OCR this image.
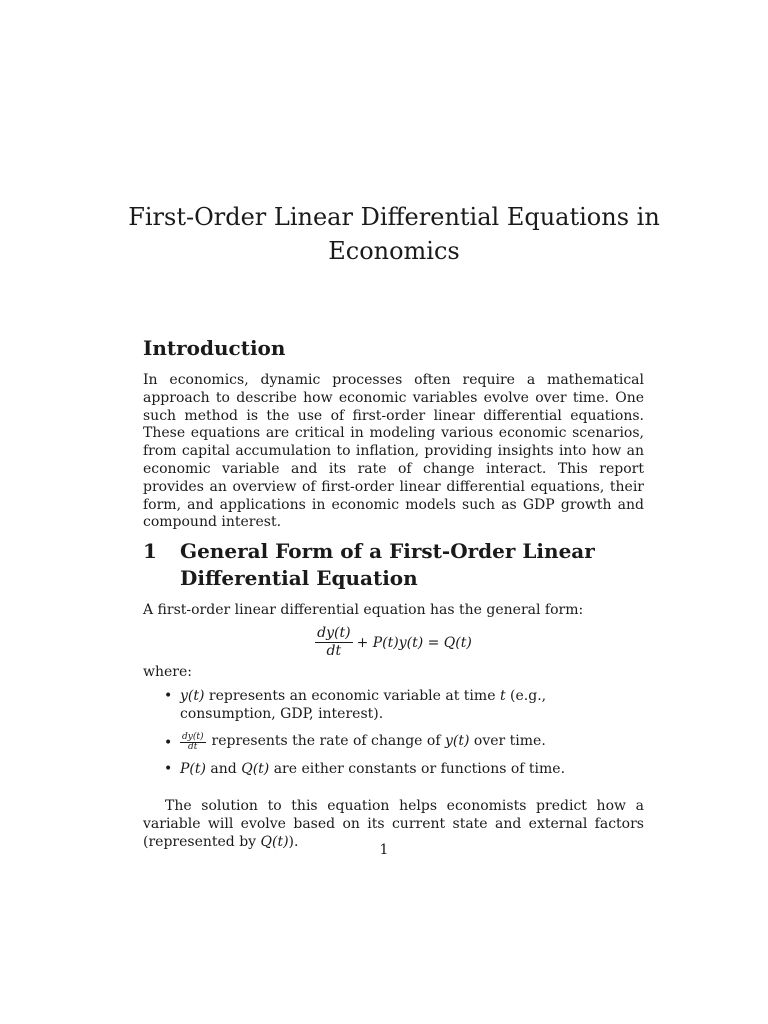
First-Order Linear Differential Equations in Economics
Introduction

In economics, dynamic processes often require a mathematical approach to describe how economic variables evolve over time. One such method is the use of first-order linear differential equations. These equations are critical in modeling various economic scenarios, from capital accumulation to inflation, providing insights into how an economic variable and its rate of change interact. This report provides an overview of first-order linear differential equations, their form, and applications in economic models such as GDP growth and compound interest.

1	General Form of a First-Order Linear Differential Equation

A first-order linear differential equation has the general form:

$\frac{dy(t)}{dt} + P(t)y(t) = Q(t)$

where:

• y(t) represents an economic variable at time t (e.g., consumption, GDP, interest).
• $\frac{dy(t)}{dt}$ represents the rate of change of y(t) over time.
• P(t) and Q(t) are either constants or functions of time.

The solution to this equation helps economists predict how a variable will evolve based on its current state and external factors (represented by Q(t)).

1
